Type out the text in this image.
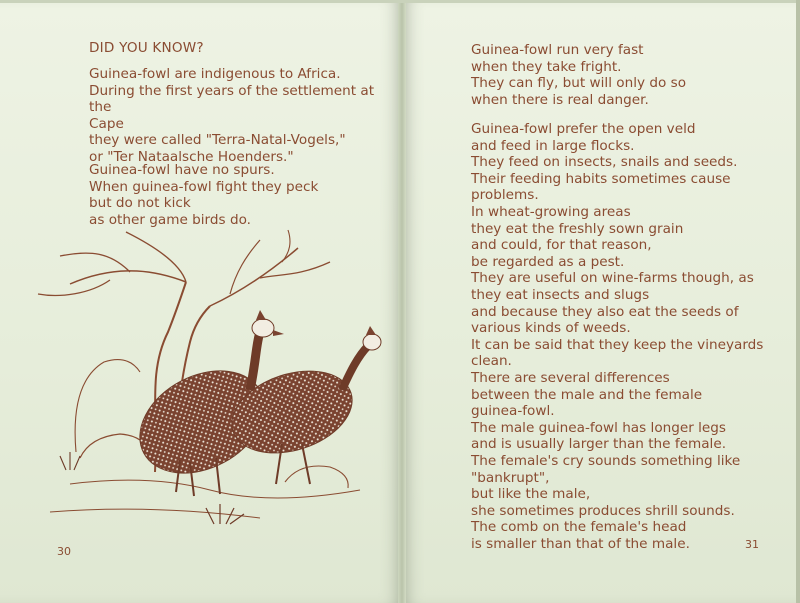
DID YOU KNOW?
Guinea-fowl are indigenous to Africa.
During the first years of the settlement at the
Cape
they were called "Terra-Natal-Vogels,"
or "Ter Nataalsche Hoenders."
Guinea-fowl have no spurs.
When guinea-fowl fight they peck
but do not kick
as other game birds do.
30
Guinea-fowl run very fast
when they take fright.
They can fly, but will only do so
when there is real danger.
Guinea-fowl prefer the open veld
and feed in large flocks.
They feed on insects, snails and seeds.
Their feeding habits sometimes cause
problems.
In wheat-growing areas
they eat the freshly sown grain
and could, for that reason,
be regarded as a pest.
They are useful on wine-farms though, as
they eat insects and slugs
and because they also eat the seeds of
various kinds of weeds.
It can be said that they keep the vineyards
clean.
There are several differences
between the male and the female
guinea-fowl.
The male guinea-fowl has longer legs
and is usually larger than the female.
The female's cry sounds something like
"bankrupt",
but like the male,
she sometimes produces shrill sounds.
The comb on the female's head
is smaller than that of the male.	31
